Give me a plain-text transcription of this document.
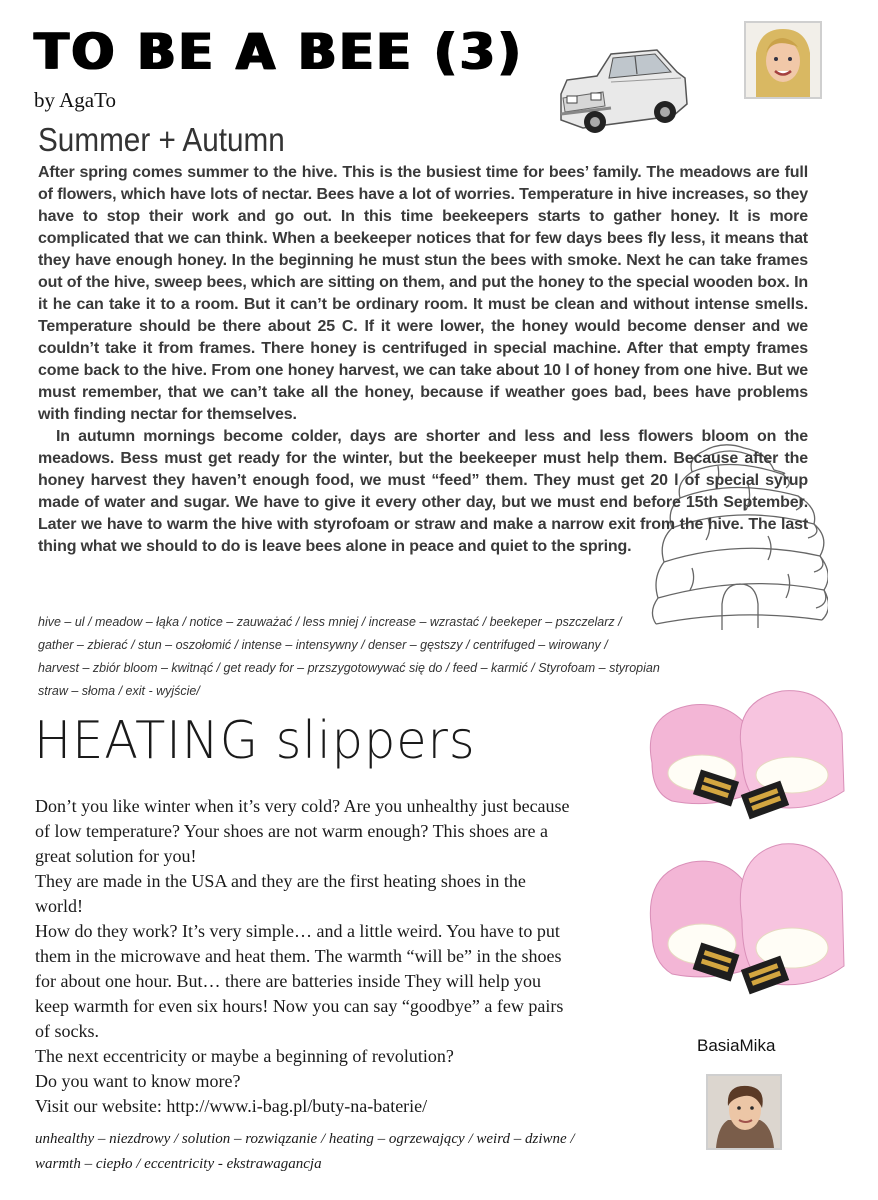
TO BE A BEE (3)
by AgaTo
Summer + Autumn

After spring comes summer to the hive. This is the busiest time for bees’ family. The meadows are full of flowers, which have lots of nectar. Bees have a lot of worries. Temperature in hive increases, so they have to stop their work and go out. In this time beekeepers starts to gather honey. It is more complicated that we can think. When a beekeeper notices that for few days bees fly less, it means that they have enough honey. In the beginning he must stun the bees with smoke. Next he can take frames out of the hive, sweep bees, which are sitting on them, and put the honey to the special wooden box. In it he can take it to a room. But it can’t be ordinary room. It must be clean and without intense smells. Temperature should be there about 25 C. If it were lower, the honey would become denser and we couldn’t take it from frames. There honey is centrifuged in special machine. After that empty frames come back to the hive. From one honey harvest, we can take about 10 l of honey from one hive. But we must remember, that we can’t take all the honey, because if weather goes bad, bees have problems with finding nectar for themselves.

In autumn mornings become colder, days are shorter and less and less flowers bloom on the meadows. Bess must get ready for the winter, but the beekeeper must help them. Because after the honey harvest they haven’t enough food, we must “feed” them. They must get 20 l of special syrup made of water and sugar. We have to give it every other day, but we must end before 15th September. Later we have to warm the hive with styrofoam or straw and make a narrow exit from the hive. The last thing what we should to do is leave bees alone in peace and quiet to the spring.

hive – ul / meadow – łąka / notice – zauważać / less mniej / increase – wzrastać / beekeper – pszczelarz /
gather – zbierać / stun – oszołomić / intense – intensywny / denser – gęstszy / centrifuged – wirowany /
harvest – zbiór bloom – kwitnąć / get ready for – przszygotowywać się do / feed – karmić / Styrofoam – styropian
straw – słoma / exit - wyjście/
HEATING slippers

Don’t you like winter when it’s very cold? Are you unhealthy just because of low temperature? Your shoes are not warm enough? This shoes are a great solution for you!

They are made in the USA and they are the first heating shoes in the world!

How do they work? It’s very simple… and a little weird. You have to put them in the microwave and heat them. The warmth “will be” in the shoes for about one hour. But… there are batteries inside They will help you keep warmth for even six hours! Now you can say “goodbye” a few pairs of socks.

The next eccentricity or maybe a beginning of revolution?

Do you want to know more?

Visit our website: http://www.i-bag.pl/buty-na-baterie/

unhealthy – niezdrowy / solution – rozwiązanie / heating – ogrzewający / weird – dziwne / warmth – ciepło / eccentricity - ekstrawagancja
BasiaMika
